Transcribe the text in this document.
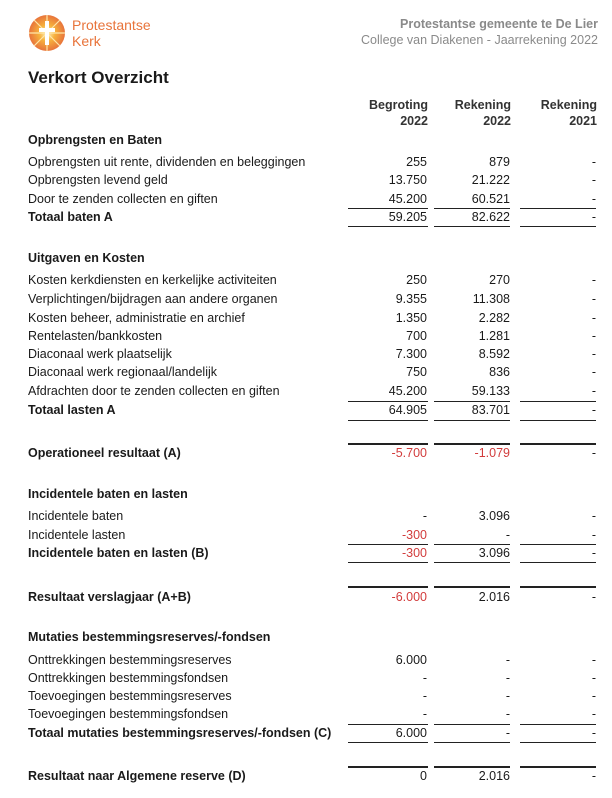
Protestantse
Kerk
Protestantse gemeente te De Lier
College van Diakenen - Jaarrekening 2022
Verkort Overzicht
Begroting
2022
Rekening
2022
Rekening
2021
Opbrengsten en Baten
Opbrengsten uit rente, dividenden en beleggingen	255	879	-
Opbrengsten levend geld	13.750	21.222	-
Door te zenden collecten en giften	45.200	60.521	-
Totaal baten A	59.205	82.622	-
Uitgaven en Kosten
Kosten kerkdiensten en kerkelijke activiteiten	250	270	-
Verplichtingen/bijdragen aan andere organen	9.355	11.308	-
Kosten beheer, administratie en archief	1.350	2.282	-
Rentelasten/bankkosten	700	1.281	-
Diaconaal werk plaatselijk	7.300	8.592	-
Diaconaal werk regionaal/landelijk	750	836	-
Afdrachten door te zenden collecten en giften	45.200	59.133	-
Totaal lasten A	64.905	83.701	-
Operationeel resultaat (A)	-5.700	-1.079	-
Incidentele baten en lasten
Incidentele baten	-	3.096	-
Incidentele lasten	-300	-	-
Incidentele baten en lasten (B)	-300	3.096	-
Resultaat verslagjaar (A+B)	-6.000	2.016	-
Mutaties bestemmingsreserves/-fondsen
Onttrekkingen bestemmingsreserves	6.000	-	-
Onttrekkingen bestemmingsfondsen	-	-	-
Toevoegingen bestemmingsreserves	-	-	-
Toevoegingen bestemmingsfondsen	-	-	-
Totaal mutaties bestemmingsreserves/-fondsen (C)	6.000	-	-
Resultaat naar Algemene reserve (D)	0	2.016	-
